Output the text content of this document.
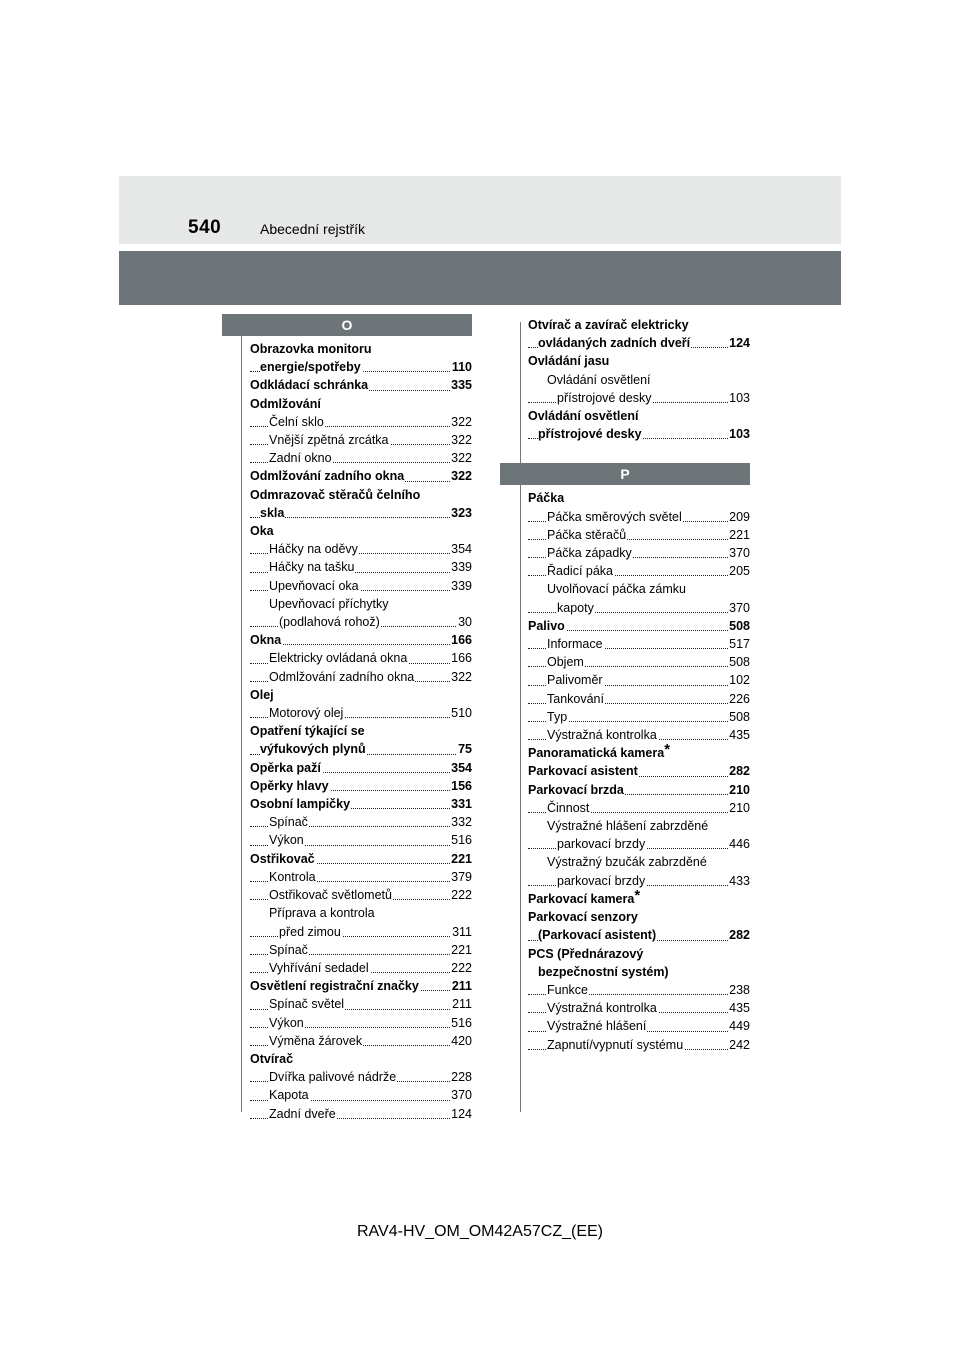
540	Abecední rejstřík
O
Obrazovka monitoru
energie/spotřeby	110
Odkládací schránka	335
Odmlžování
Čelní sklo	322
Vnější zpětná zrcátka	322
Zadní okno	322
Odmlžování zadního okna	322
Odmrazovač stěračů čelního
skla	323
Oka
Háčky na oděvy	354
Háčky na tašku	339
Upevňovací oka	339
Upevňovací příchytky
(podlahová rohož)	30
Okna	166
Elektricky ovládaná okna	166
Odmlžování zadního okna	322
Olej
Motorový olej	510
Opatření týkající se
výfukových plynů	75
Opěrka paží	354
Opěrky hlavy	156
Osobní lampičky	331
Spínač	332
Výkon	516
Ostřikovač	221
Kontrola	379
Ostřikovač světlometů	222
Příprava a kontrola
před zimou	311
Spínač	221
Vyhřívání sedadel	222
Osvětlení registrační značky	211
Spínač světel	211
Výkon	516
Výměna žárovek	420
Otvírač
Dvířka palivové nádrže	228
Kapota	370
Zadní dveře	124
Otvírač a zavírač elektricky
ovládaných zadních dveří	124
Ovládání jasu
Ovládání osvětlení
přístrojové desky	103
Ovládání osvětlení
přístrojové desky	103
P
Páčka
Páčka směrových světel	209
Páčka stěračů	221
Páčka západky	370
Řadicí páka	205
Uvolňovací páčka zámku
kapoty	370
Palivo	508
Informace	517
Objem	508
Palivoměr	102
Tankování	226
Typ	508
Výstražná kontrolka	435
Panoramatická kamera*
Parkovací asistent	282
Parkovací brzda	210
Činnost	210
Výstražné hlášení zabrzděné
parkovací brzdy	446
Výstražný bzučák zabrzděné
parkovací brzdy	433
Parkovací kamera*
Parkovací senzory
(Parkovací asistent)	282
PCS (Přednárazový
bezpečnostní systém)
Funkce	238
Výstražná kontrolka	435
Výstražné hlášení	449
Zapnutí/vypnutí systému	242
RAV4-HV_OM_OM42A57CZ_(EE)
